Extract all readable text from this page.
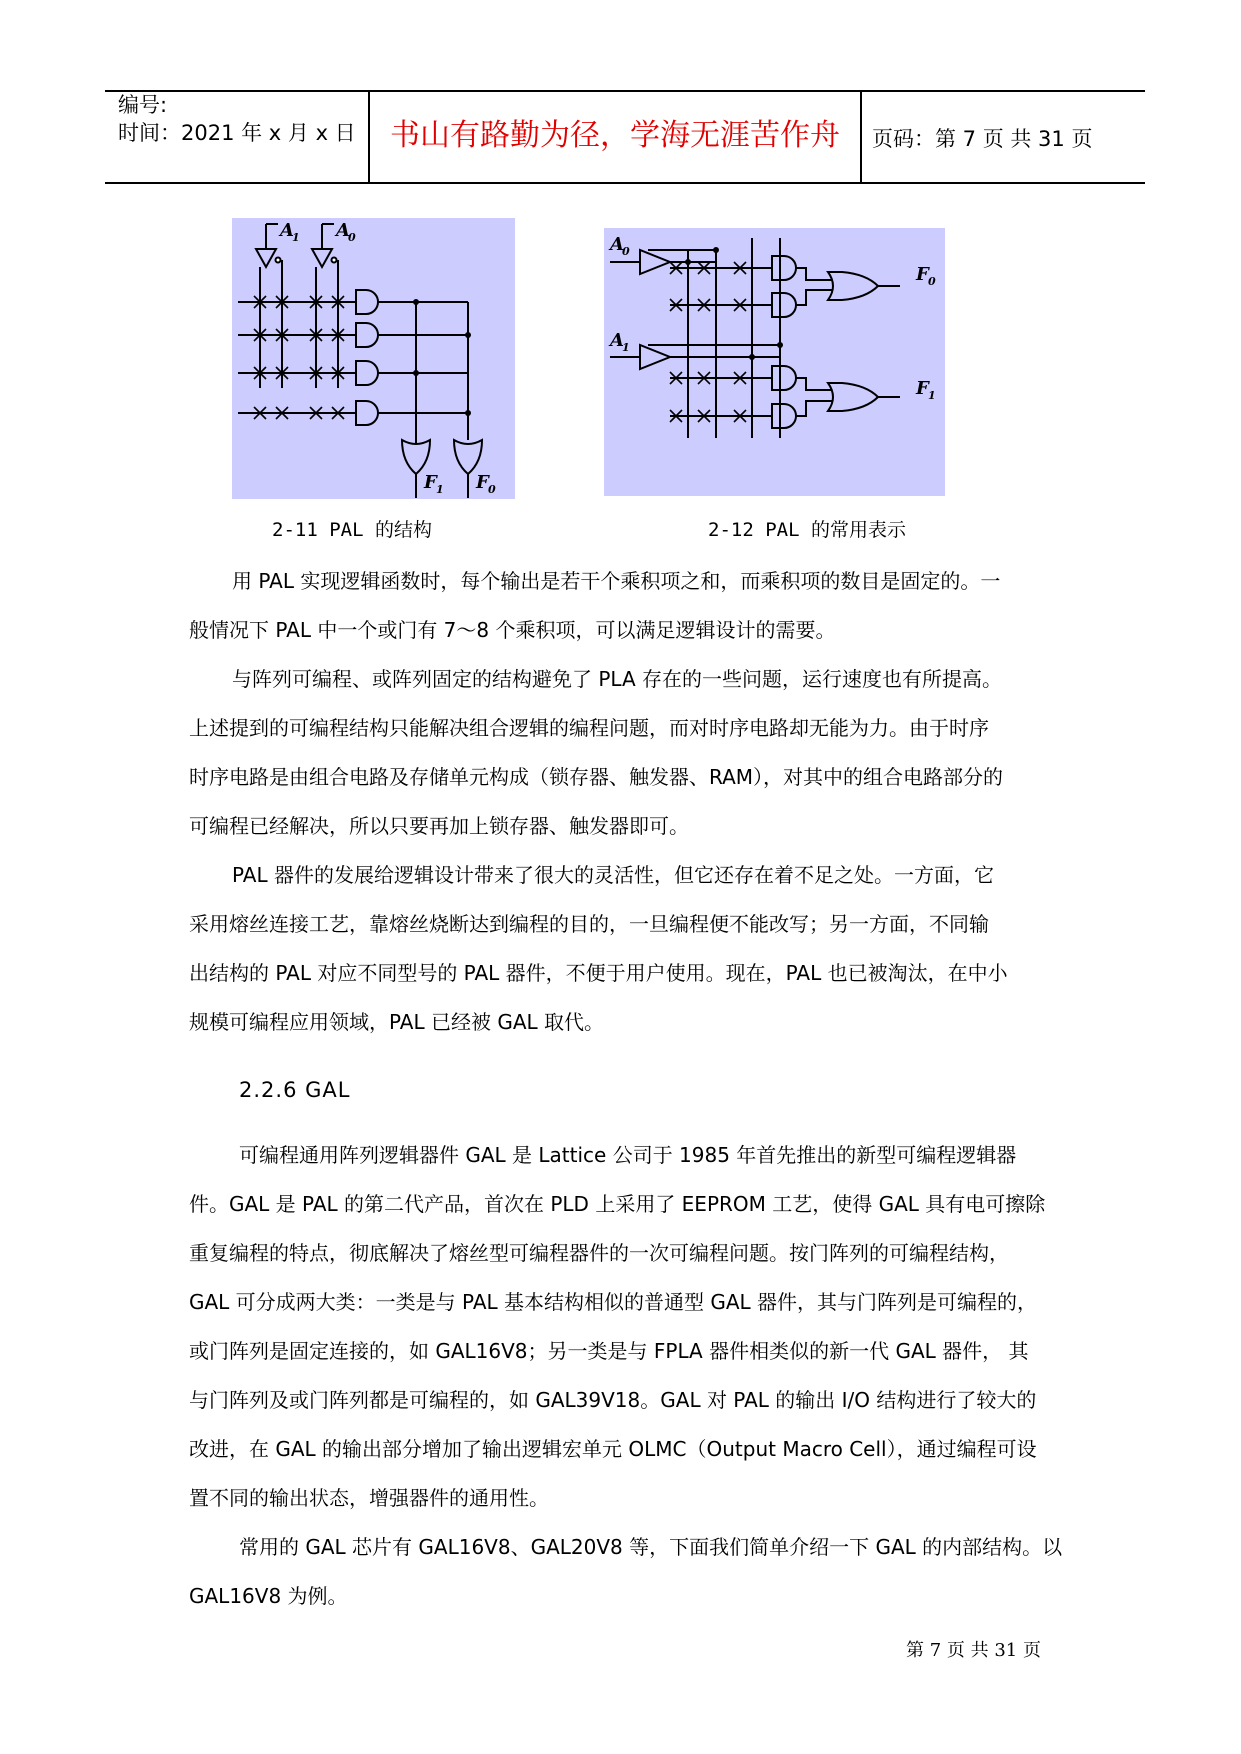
编号:
时间：2021 年 x 月 x 日	书山有路勤为径，学海无涯苦作舟	页码：第 7 页 共 31 页
A
1 A
0
F 1 F 0
2-11 PAL 的结构
A
0
A
1
F 0
F 1
2-12 PAL 的常用表示
用 PAL 实现逻辑函数时，每个输出是若干个乘积项之和，而乘积项的数目是固定的。一
般情况下 PAL 中一个或门有 7～8 个乘积项，可以满足逻辑设计的需要。
与阵列可编程、或阵列固定的结构避免了 PLA 存在的一些问题，运行速度也有所提高。
上述提到的可编程结构只能解决组合逻辑的编程问题，而对时序电路却无能为力。由于时序
时序电路是由组合电路及存储单元构成（锁存器、触发器、RAM），对其中的组合电路部分的
可编程已经解决，所以只要再加上锁存器、触发器即可。
PAL 器件的发展给逻辑设计带来了很大的灵活性，但它还存在着不足之处。一方面，它
采用熔丝连接工艺，靠熔丝烧断达到编程的目的，一旦编程便不能改写；另一方面，不同输
出结构的 PAL 对应不同型号的 PAL 器件，不便于用户使用。现在，PAL 也已被淘汰，在中小
规模可编程应用领域，PAL 已经被 GAL 取代。
2.2.6 GAL
可编程通用阵列逻辑器件 GAL 是 Lattice 公司于 1985 年首先推出的新型可编程逻辑器
件。GAL 是 PAL 的第二代产品，首次在 PLD 上采用了 EEPROM 工艺，使得 GAL 具有电可擦除
重复编程的特点，彻底解决了熔丝型可编程器件的一次可编程问题。按门阵列的可编程结构，
GAL 可分成两大类：一类是与 PAL 基本结构相似的普通型 GAL 器件，其与门阵列是可编程的，
或门阵列是固定连接的，如 GAL16V8；另一类是与 FPLA 器件相类似的新一代 GAL 器件， 其
与门阵列及或门阵列都是可编程的，如 GAL39V18。GAL 对 PAL 的输出 I/O 结构进行了较大的
改进，在 GAL 的输出部分增加了输出逻辑宏单元 OLMC（Output Macro Cell），通过编程可设
置不同的输出状态，增强器件的通用性。
常用的 GAL 芯片有 GAL16V8、GAL20V8 等，下面我们简单介绍一下 GAL 的内部结构。以
GAL16V8 为例。
第 7 页 共 31 页
